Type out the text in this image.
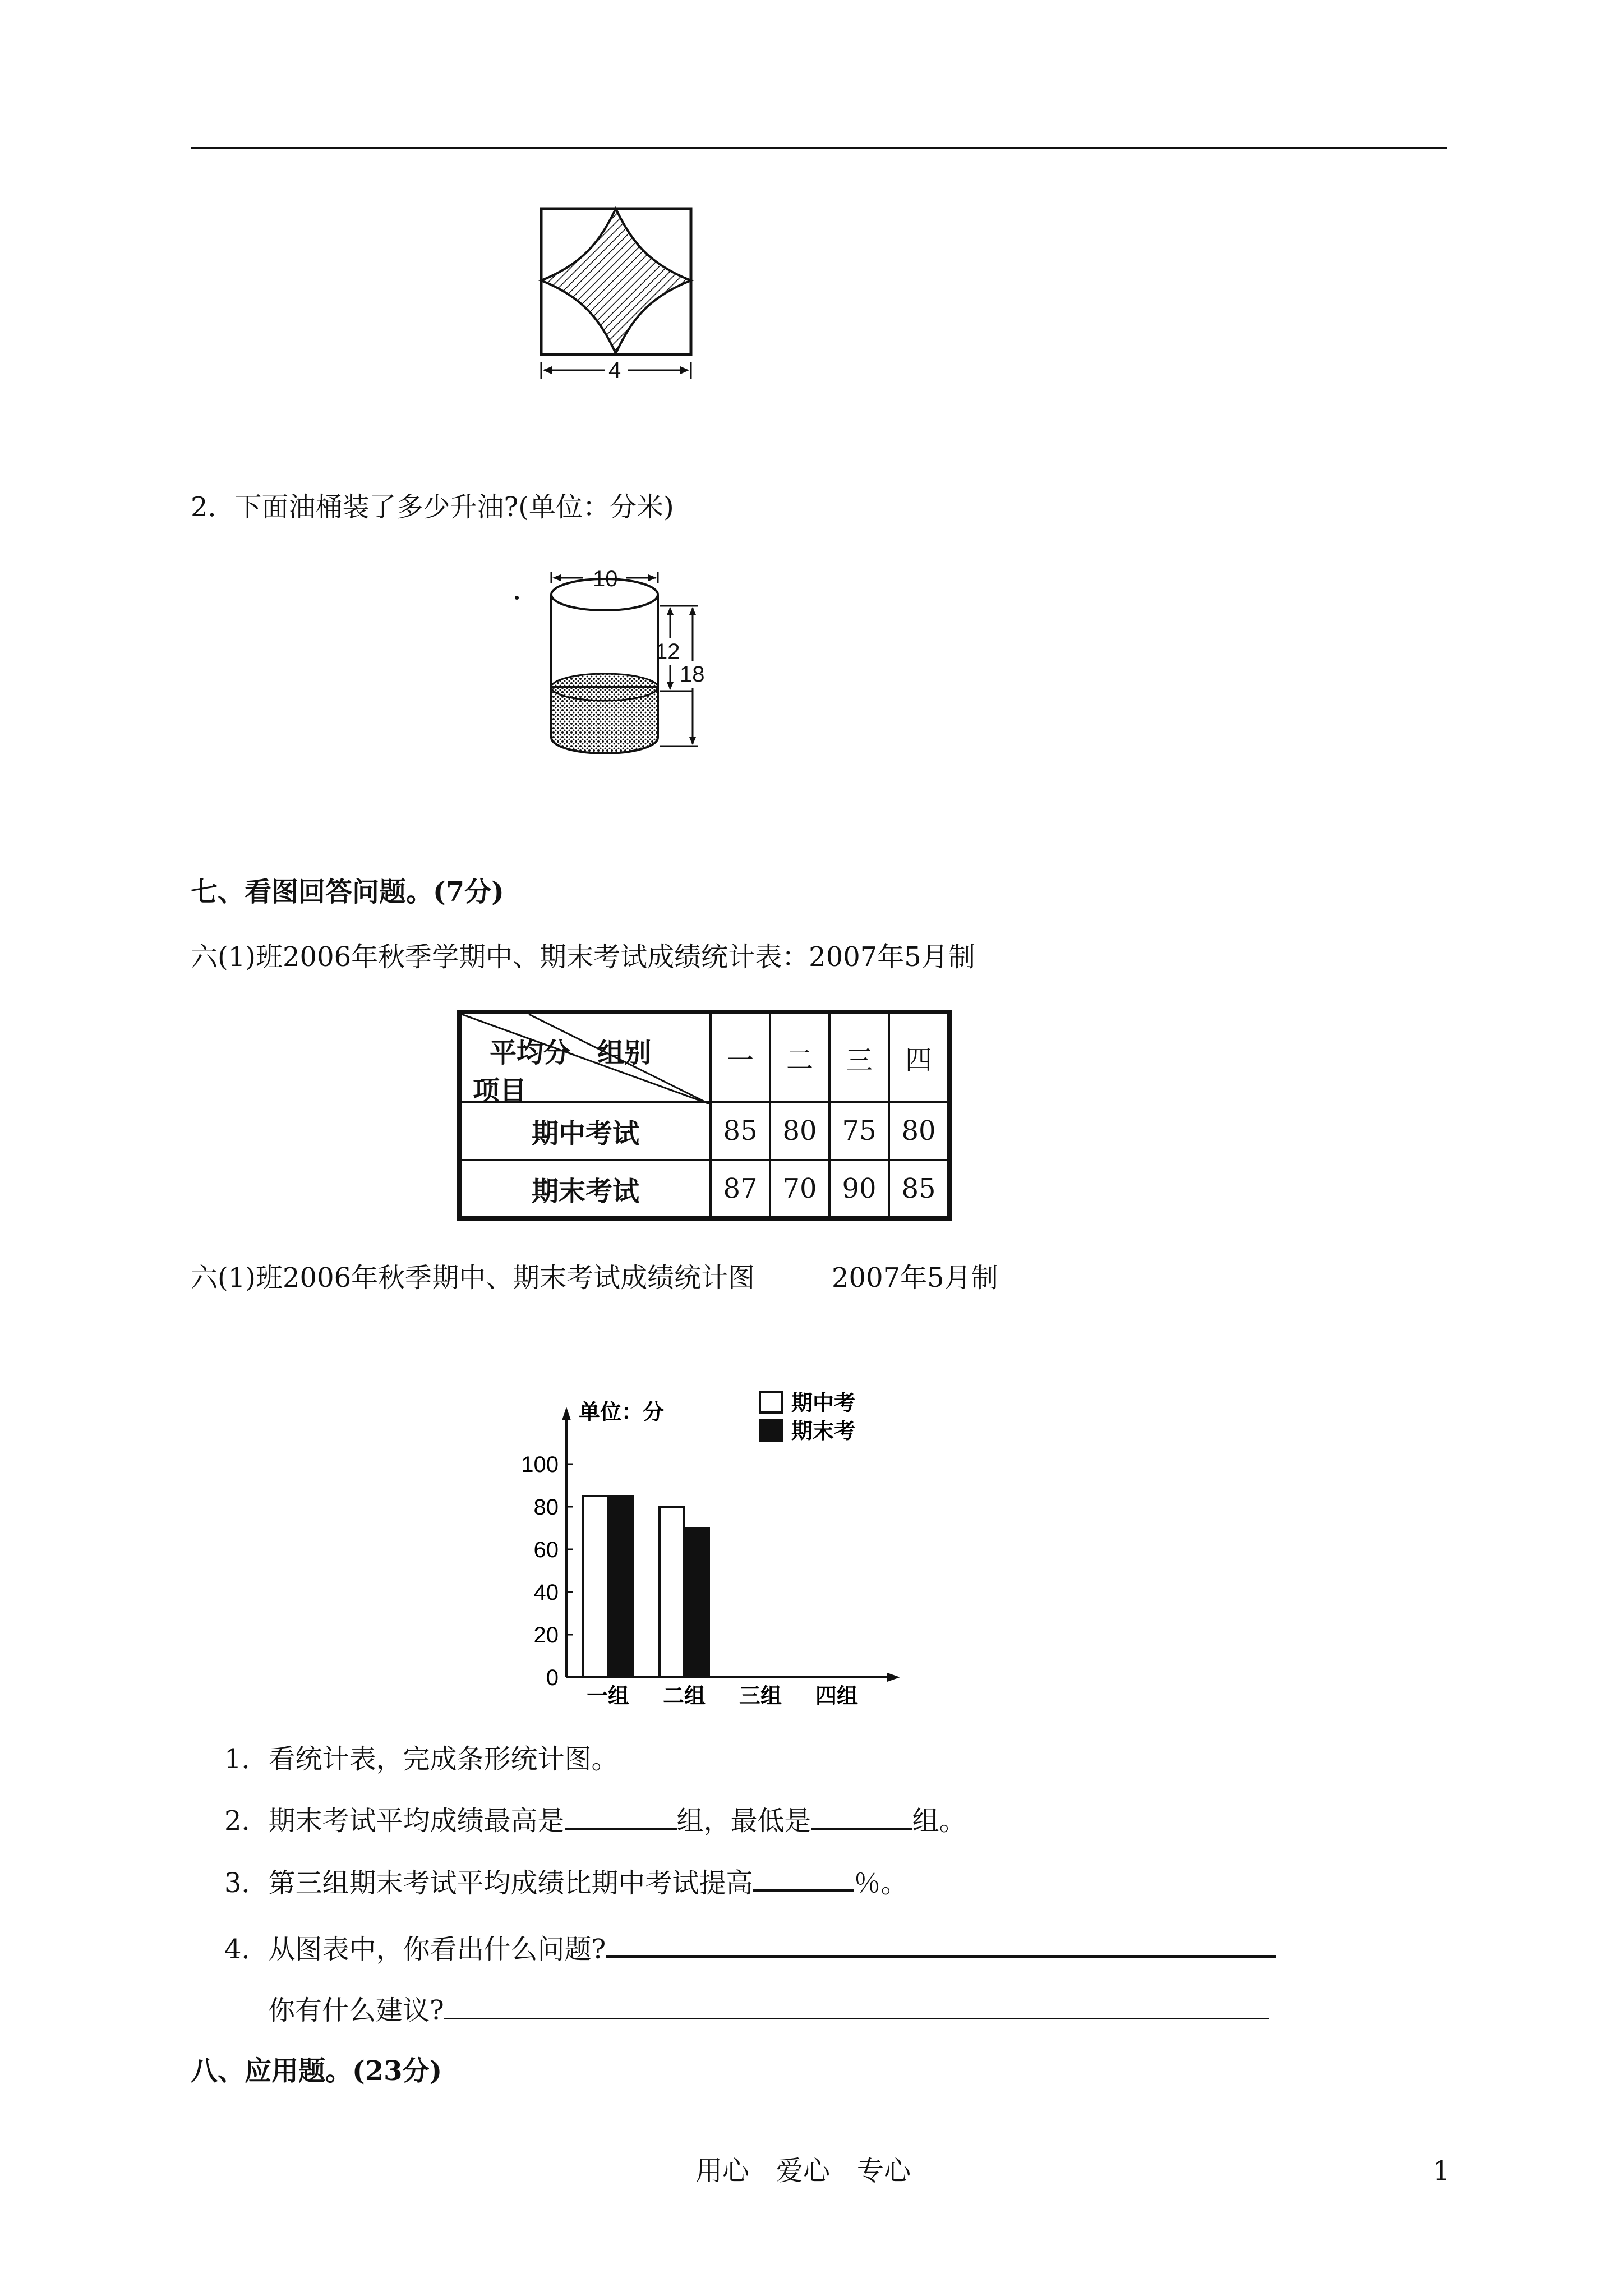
4
2．下面油桶装了多少升油?(单位：分米)
10
12
18
七、看图回答问题。(7分)
六(1)班2006年秋季学期中、期末考试成绩统计表：2007年5月制
平均分　组别
项目	一	二	三	四
期中考试	85	80	75	80
期末考试	87	70	90	85
六(1)班2006年秋季期中、期末考试成绩统计图	2007年5月制
单位：分
0
20
40
60
80
100
一组 二组 三组 四组
期中考
期末考
1．看统计表，完成条形统计图。
2．期末考试平均成绩最高是	组，最低是	组。
3．第三组期末考试平均成绩比期中考试提高	％。
4．从图表中，你看出什么问题?
你有什么建议?
八、应用题。(23分)
用心　爱心　专心	1
